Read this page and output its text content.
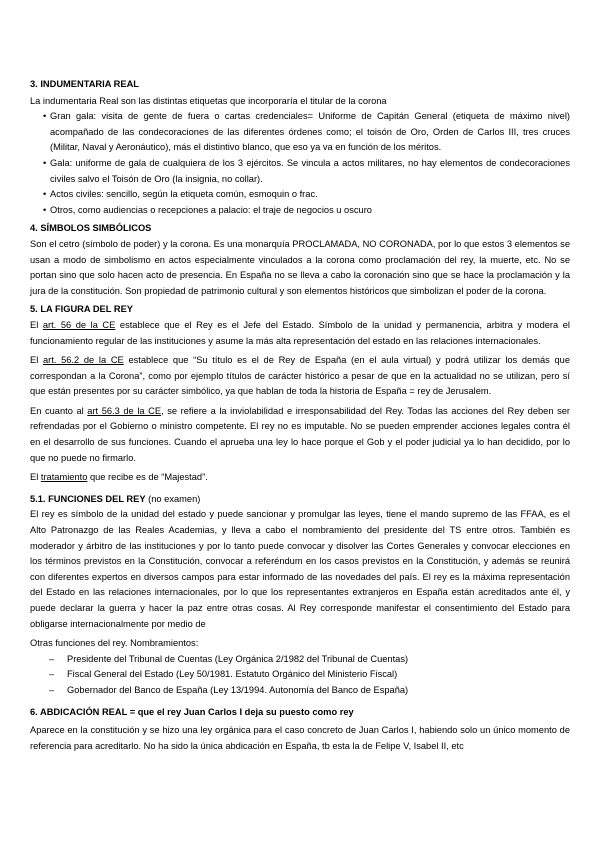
3. INDUMENTARIA REAL

La indumentaria Real son las distintas etiquetas que incorporaría el titular de la corona

• Gran gala: visita de gente de fuera o cartas credenciales= Uniforme de Capitán General (etiqueta de máximo nivel) acompañado de las condecoraciones de las diferentes órdenes como; el toisón de Oro, Orden de Carlos III, tres cruces (Militar, Naval y Aeronáutico), más el distintivo blanco, que eso ya va en función de los méritos.
• Gala: uniforme de gala de cualquiera de los 3 ejércitos. Se vincula a actos militares, no hay elementos de condecoraciones civiles salvo el Toisón de Oro (la insignia, no collar).
• Actos civiles: sencillo, según la etiqueta común, esmoquin o frac.
• Otros, como audiencias o recepciones a palacio: el traje de negocios u oscuro

4. SÍMBOLOS SIMBÓLICOS

Son el cetro (símbolo de poder) y la corona. Es una monarquía PROCLAMADA, NO CORONADA, por lo que estos 3 elementos se usan a modo de simbolismo en actos especialmente vinculados a la corona como proclamación del rey, la muerte, etc. No se portan sino que solo hacen acto de presencia. En España no se lleva a cabo la coronación sino que se hace la proclamación y la jura de la constitución. Son propiedad de patrimonio cultural y son elementos históricos que simbolizan el poder de la corona.

5. LA FIGURA DEL REY

El art. 56 de la CE establece que el Rey es el Jefe del Estado. Símbolo de la unidad y permanencia, arbitra y modera el funcionamiento regular de las instituciones y asume la más alta representación del estado en las relaciones internacionales.

El art. 56.2 de la CE establece que “Su título es el de Rey de España (en el aula virtual) y podrá utilizar los demás que correspondan a la Corona”, como por ejemplo títulos de carácter histórico a pesar de que en la actualidad no se utilizan, pero sí que están presentes por su carácter simbólico, ya que hablan de toda la historia de España = rey de Jerusalem.

En cuanto al art 56.3 de la CE, se refiere a la inviolabilidad e irresponsabilidad del Rey. Todas las acciones del Rey deben ser refrendadas por el Gobierno o ministro competente. El rey no es imputable. No se pueden emprender acciones legales contra él en el desarrollo de sus funciones. Cuando el aprueba una ley lo hace porque el Gob y el poder judicial ya lo han decidido, por lo que no puede no firmarlo.

El tratamiento que recibe es de “Majestad”.

5.1. FUNCIONES DEL REY (no examen)

El rey es símbolo de la unidad del estado y puede sancionar y promulgar las leyes, tiene el mando supremo de las FFAA, es el Alto Patronazgo de las Reales Academias, y lleva a cabo el nombramiento del presidente del TS entre otros. También es moderador y árbitro de las instituciones y por lo tanto puede convocar y disolver las Cortes Generales y convocar elecciones en los términos previstos en la Constitución, convocar a referéndum en los casos previstos en la Constitución, y además se reunirá con diferentes expertos en diversos campos para estar informado de las novedades del país. El rey es la máxima representación del Estado en las relaciones internacionales, por lo que los representantes extranjeros en España están acreditados ante él, y puede declarar la guerra y hacer la paz entre otras cosas. Al Rey corresponde manifestar el consentimiento del Estado para obligarse internacionalmente por medio de

Otras funciones del rey. Nombramientos:

–	Presidente del Tribunal de Cuentas (Ley Orgánica 2/1982 del Tribunal de Cuentas)
–	Fiscal General del Estado (Ley 50/1981. Estatuto Orgánico del Ministerio Fiscal)
–	Gobernador del Banco de España (Ley 13/1994. Autonomía del Banco de España)

6. ABDICACIÓN REAL = que el rey Juan Carlos I deja su puesto como rey

Aparece en la constitución y se hizo una ley orgánica para el caso concreto de Juan Carlos I, habiendo solo un único momento de referencia para acreditarlo. No ha sido la única abdicación en España, tb esta la de Felipe V, Isabel II, etc
